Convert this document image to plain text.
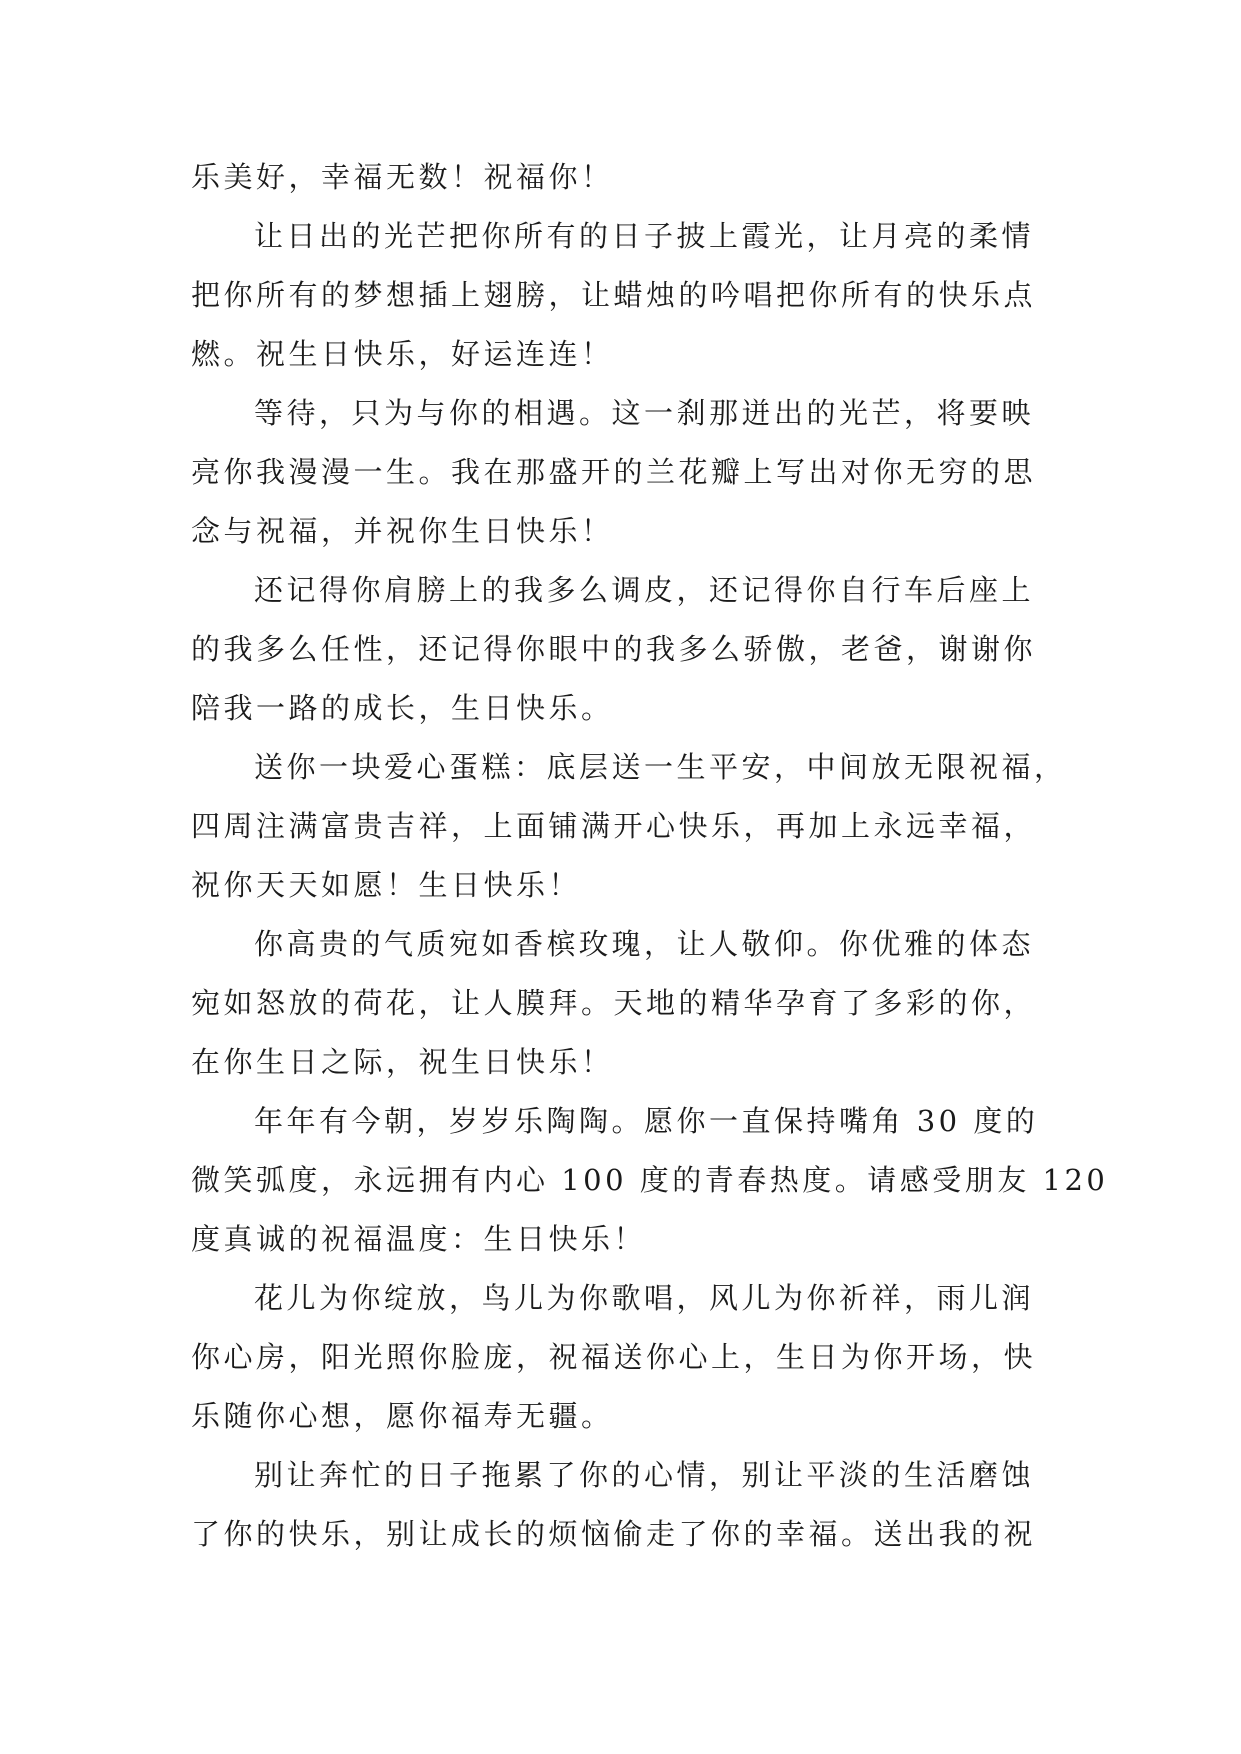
乐美好，幸福无数！祝福你！
让日出的光芒把你所有的日子披上霞光，让月亮的柔情
把你所有的梦想插上翅膀，让蜡烛的吟唱把你所有的快乐点
燃。祝生日快乐，好运连连！
等待，只为与你的相遇。这一刹那迸出的光芒，将要映
亮你我漫漫一生。我在那盛开的兰花瓣上写出对你无穷的思
念与祝福，并祝你生日快乐！
还记得你肩膀上的我多么调皮，还记得你自行车后座上
的我多么任性，还记得你眼中的我多么骄傲，老爸，谢谢你
陪我一路的成长，生日快乐。
送你一块爱心蛋糕：底层送一生平安，中间放无限祝福，
四周注满富贵吉祥，上面铺满开心快乐，再加上永远幸福，
祝你天天如愿！生日快乐！
你高贵的气质宛如香槟玫瑰，让人敬仰。你优雅的体态
宛如怒放的荷花，让人膜拜。天地的精华孕育了多彩的你，
在你生日之际，祝生日快乐！
年年有今朝，岁岁乐陶陶。愿你一直保持嘴角 30 度的
微笑弧度，永远拥有内心 100 度的青春热度。请感受朋友 120
度真诚的祝福温度：生日快乐！
花儿为你绽放，鸟儿为你歌唱，风儿为你祈祥，雨儿润
你心房，阳光照你脸庞，祝福送你心上，生日为你开场，快
乐随你心想，愿你福寿无疆。
别让奔忙的日子拖累了你的心情，别让平淡的生活磨蚀
了你的快乐，别让成长的烦恼偷走了你的幸福。送出我的祝
